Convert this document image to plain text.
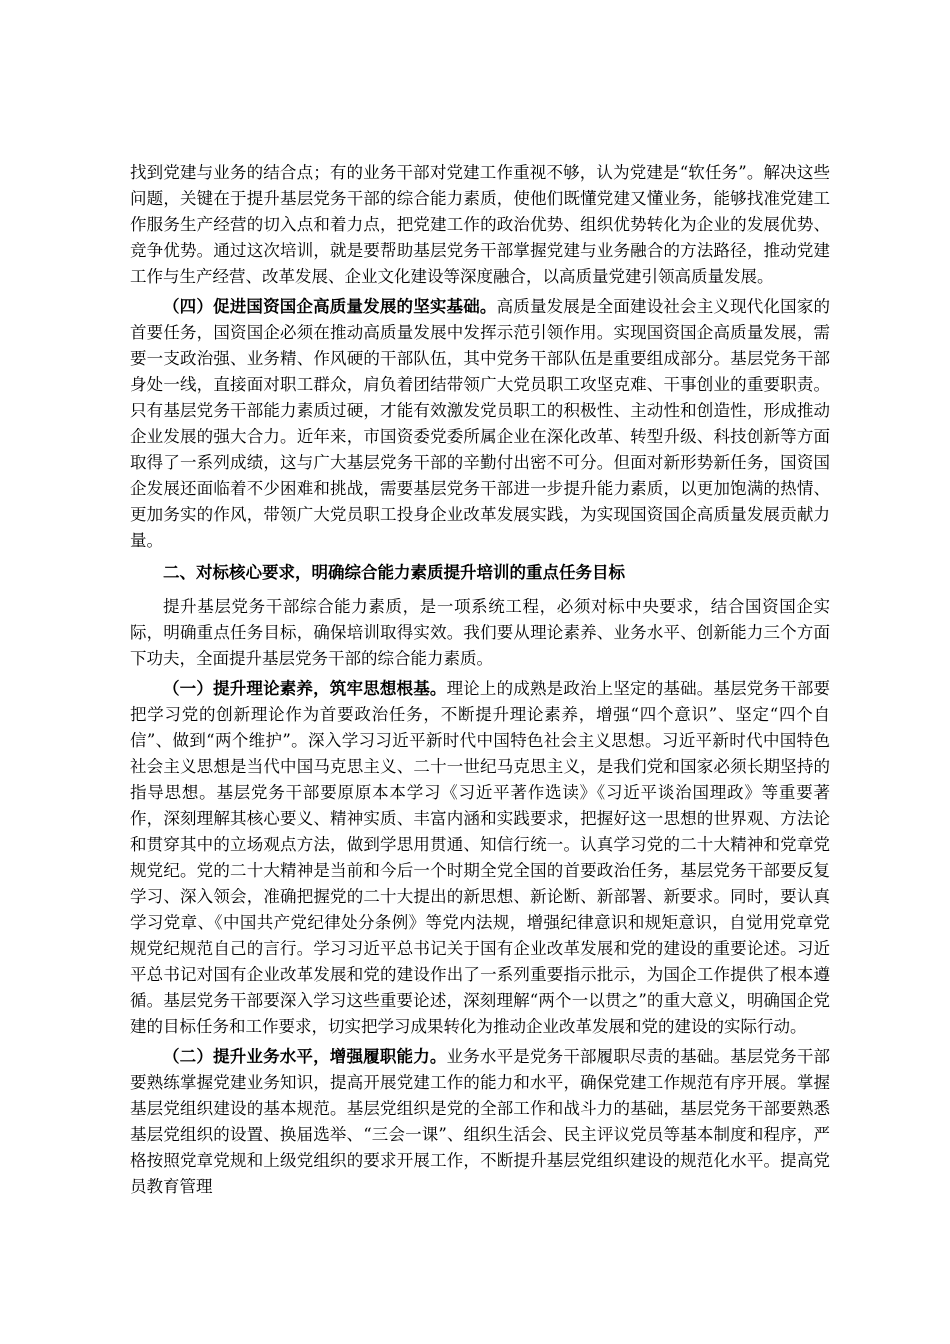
找到党建与业务的结合点；有的业务干部对党建工作重视不够，认为党建是“软任务”。解决这些问题，关键在于提升基层党务干部的综合能力素质，使他们既懂党建又懂业务，能够找准党建工作服务生产经营的切入点和着力点，把党建工作的政治优势、组织优势转化为企业的发展优势、竞争优势。通过这次培训，就是要帮助基层党务干部掌握党建与业务融合的方法路径，推动党建工作与生产经营、改革发展、企业文化建设等深度融合，以高质量党建引领高质量发展。

（四）促进国资国企高质量发展的坚实基础。高质量发展是全面建设社会主义现代化国家的首要任务，国资国企必须在推动高质量发展中发挥示范引领作用。实现国资国企高质量发展，需要一支政治强、业务精、作风硬的干部队伍，其中党务干部队伍是重要组成部分。基层党务干部身处一线，直接面对职工群众，肩负着团结带领广大党员职工攻坚克难、干事创业的重要职责。只有基层党务干部能力素质过硬，才能有效激发党员职工的积极性、主动性和创造性，形成推动企业发展的强大合力。近年来，市国资委党委所属企业在深化改革、转型升级、科技创新等方面取得了一系列成绩，这与广大基层党务干部的辛勤付出密不可分。但面对新形势新任务，国资国企发展还面临着不少困难和挑战，需要基层党务干部进一步提升能力素质，以更加饱满的热情、更加务实的作风，带领广大党员职工投身企业改革发展实践，为实现国资国企高质量发展贡献力量。

二、对标核心要求，明确综合能力素质提升培训的重点任务目标

提升基层党务干部综合能力素质，是一项系统工程，必须对标中央要求，结合国资国企实际，明确重点任务目标，确保培训取得实效。我们要从理论素养、业务水平、创新能力三个方面下功夫，全面提升基层党务干部的综合能力素质。

（一）提升理论素养，筑牢思想根基。理论上的成熟是政治上坚定的基础。基层党务干部要把学习党的创新理论作为首要政治任务，不断提升理论素养，增强“四个意识”、坚定“四个自信”、做到“两个维护”。深入学习习近平新时代中国特色社会主义思想。习近平新时代中国特色社会主义思想是当代中国马克思主义、二十一世纪马克思主义，是我们党和国家必须长期坚持的指导思想。基层党务干部要原原本本学习《习近平著作选读》《习近平谈治国理政》等重要著作，深刻理解其核心要义、精神实质、丰富内涵和实践要求，把握好这一思想的世界观、方法论和贯穿其中的立场观点方法，做到学思用贯通、知信行统一。认真学习党的二十大精神和党章党规党纪。党的二十大精神是当前和今后一个时期全党全国的首要政治任务，基层党务干部要反复学习、深入领会，准确把握党的二十大提出的新思想、新论断、新部署、新要求。同时，要认真学习党章、《中国共产党纪律处分条例》等党内法规，增强纪律意识和规矩意识，自觉用党章党规党纪规范自己的言行。学习习近平总书记关于国有企业改革发展和党的建设的重要论述。习近平总书记对国有企业改革发展和党的建设作出了一系列重要指示批示，为国企工作提供了根本遵循。基层党务干部要深入学习这些重要论述，深刻理解“两个一以贯之”的重大意义，明确国企党建的目标任务和工作要求，切实把学习成果转化为推动企业改革发展和党的建设的实际行动。

（二）提升业务水平，增强履职能力。业务水平是党务干部履职尽责的基础。基层党务干部要熟练掌握党建业务知识，提高开展党建工作的能力和水平，确保党建工作规范有序开展。掌握基层党组织建设的基本规范。基层党组织是党的全部工作和战斗力的基础，基层党务干部要熟悉基层党组织的设置、换届选举、“三会一课”、组织生活会、民主评议党员等基本制度和程序，严格按照党章党规和上级党组织的要求开展工作，不断提升基层党组织建设的规范化水平。提高党员教育管理
